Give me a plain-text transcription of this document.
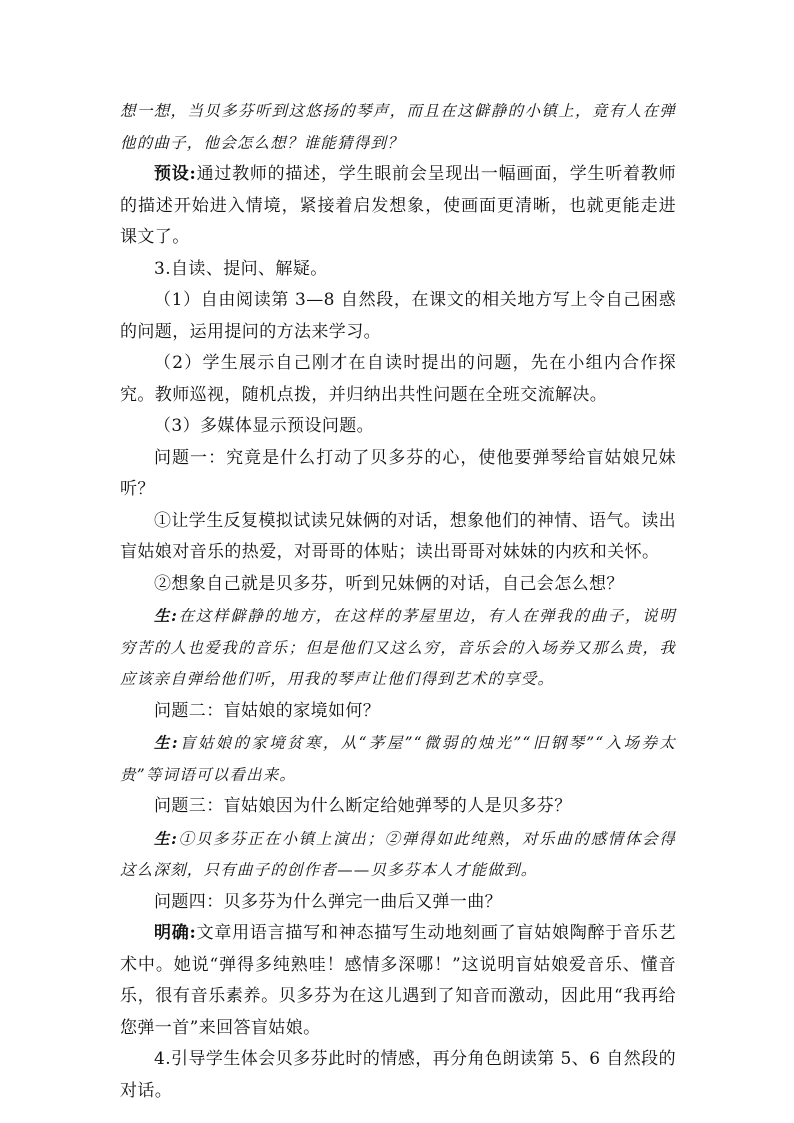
想一想，当贝多芬听到这悠扬的琴声，而且在这僻静的小镇上，竟有人在弹他的曲子，他会怎么想？谁能猜得到？

预设:通过教师的描述，学生眼前会呈现出一幅画面，学生听着教师的描述开始进入情境，紧接着启发想象，使画面更清晰，也就更能走进课文了。

3.自读、提问、解疑。

（1）自由阅读第 3—8 自然段，在课文的相关地方写上令自己困惑的问题，运用提问的方法来学习。

（2）学生展示自己刚才在自读时提出的问题，先在小组内合作探究。教师巡视，随机点拨，并归纳出共性问题在全班交流解决。

（3）多媒体显示预设问题。

问题一：究竟是什么打动了贝多芬的心，使他要弹琴给盲姑娘兄妹听？

①让学生反复模拟试读兄妹俩的对话，想象他们的神情、语气。读出盲姑娘对音乐的热爱，对哥哥的体贴；读出哥哥对妹妹的内疚和关怀。

②想象自己就是贝多芬，听到兄妹俩的对话，自己会怎么想？

生:在这样僻静的地方，在这样的茅屋里边，有人在弹我的曲子，说明穷苦的人也爱我的音乐；但是他们又这么穷，音乐会的入场券又那么贵，我应该亲自弹给他们听，用我的琴声让他们得到艺术的享受。

问题二：盲姑娘的家境如何？

生:盲姑娘的家境贫寒，从“茅屋”“微弱的烛光”“旧钢琴”“入场券太贵”等词语可以看出来。

问题三：盲姑娘因为什么断定给她弹琴的人是贝多芬？

生:①贝多芬正在小镇上演出；②弹得如此纯熟，对乐曲的感情体会得这么深刻，只有曲子的创作者——贝多芬本人才能做到。

问题四：贝多芬为什么弹完一曲后又弹一曲？

明确:文章用语言描写和神态描写生动地刻画了盲姑娘陶醉于音乐艺术中。她说“弹得多纯熟哇！感情多深哪！”这说明盲姑娘爱音乐、懂音乐，很有音乐素养。贝多芬为在这儿遇到了知音而激动，因此用“我再给您弹一首”来回答盲姑娘。

4.引导学生体会贝多芬此时的情感，再分角色朗读第 5、6 自然段的对话。
